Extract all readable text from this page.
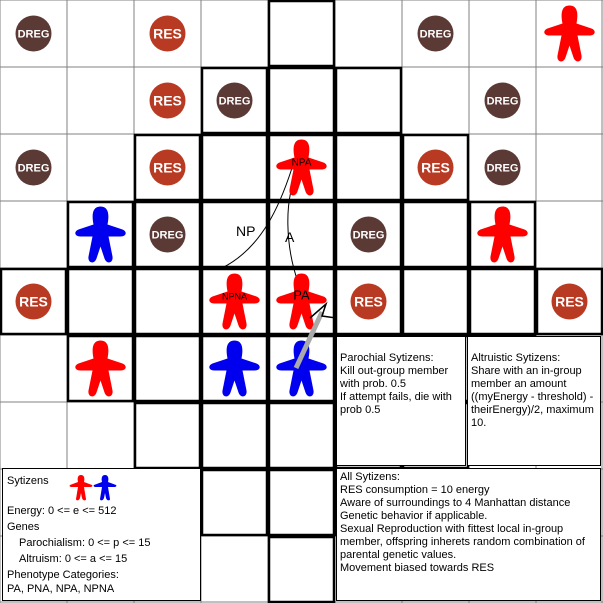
DREG	RES	DREG
RES	DREG	DREG
DREG	RES	RES	DREG
DREG	DREG
RES	RES	RES
NP A
NPA
NPNA	PA

Parochial Sytizens:
Kill out-group member with prob. 0.5
If attempt fails, die with prob 0.5

Altruistic Sytizens:
Share with an in-group member an amount ((myEnergy - threshold) - theirEnergy)/2, maximum 10.

Sytizens
Energy: 0 <= e <= 512
Genes
Parochialism: 0 <= p <= 15
Altruism: 0 <= a <= 15
Phenotype Categories:
PA, PNA, NPA, NPNA
All Sytizens:
RES consumption = 10 energy
Aware of surroundings to 4 Manhattan distance
Genetic behavior if applicable.
Sexual Reproduction with fittest local in-group member, offspring inherets random combination of parental genetic values.
Movement biased towards RES
